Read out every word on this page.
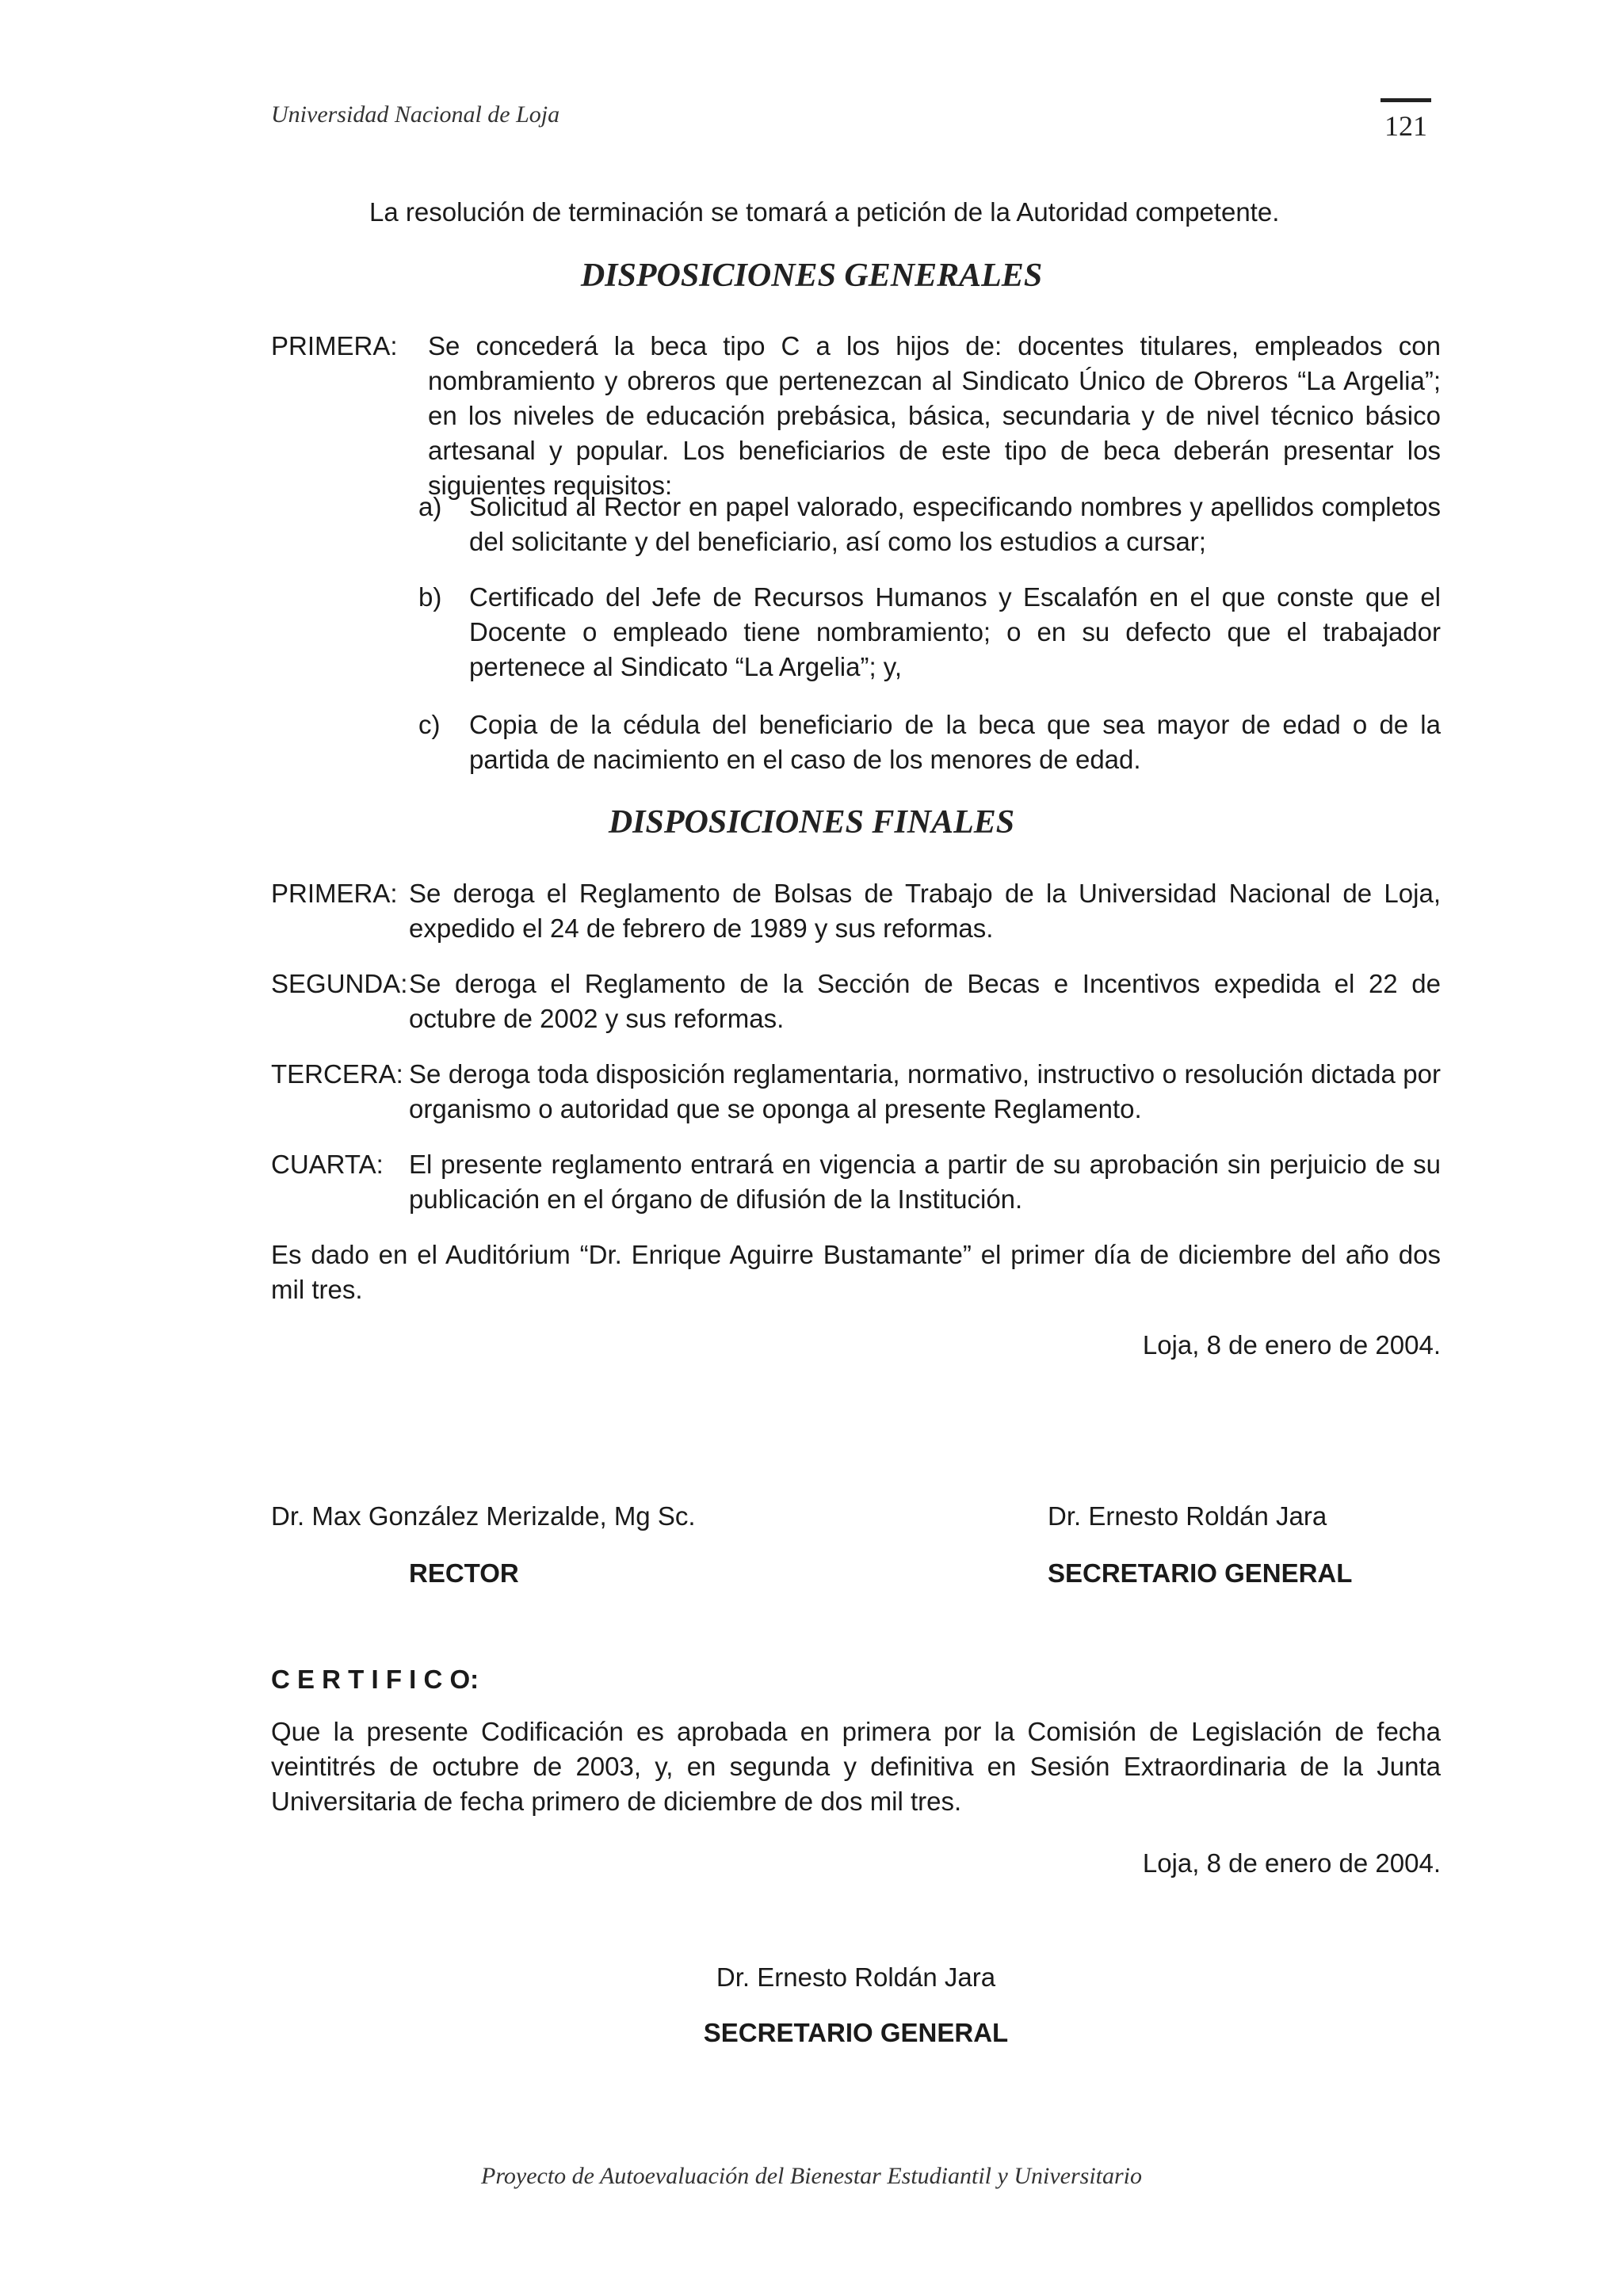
Universidad Nacional de Loja	121
La resolución de terminación se tomará a petición de la Autoridad competente.
DISPOSICIONES GENERALES
PRIMERA: Se concederá la beca tipo C a los hijos de: docentes titulares, empleados con nombramiento y obreros que pertenezcan al Sindicato Único de Obreros “La Argelia”; en los niveles de educación prebásica, básica, secundaria y de nivel técnico básico artesanal y popular. Los beneficiarios de este tipo de beca deberán presentar los siguientes requisitos:
a) Solicitud al Rector en papel valorado, especificando nombres y apellidos completos del solicitante y del beneficiario, así como los estudios a cursar;
b) Certificado del Jefe de Recursos Humanos y Escalafón en el que conste que el Docente o empleado tiene nombramiento; o en su defecto que el trabajador pertenece al Sindicato “La Argelia”; y,
c) Copia de la cédula del beneficiario de la beca que sea mayor de edad o de la partida de nacimiento en el caso de los menores de edad.
DISPOSICIONES FINALES
PRIMERA: Se deroga el Reglamento de Bolsas de Trabajo de la Universidad Nacional de Loja, expedido el 24 de febrero de 1989 y sus reformas.
SEGUNDA: Se deroga el Reglamento de la Sección de Becas e Incentivos expedida el 22 de octubre de 2002 y sus reformas.
TERCERA: Se deroga toda disposición reglamentaria, normativo, instructivo o resolución dictada por organismo o autoridad que se oponga al presente Reglamento.
CUARTA: El presente reglamento entrará en vigencia a partir de su aprobación sin perjuicio de su publicación en el órgano de difusión de la Institución.
Es dado en el Auditórium “Dr. Enrique Aguirre Bustamante” el primer día de diciembre del año dos mil tres.
Loja, 8 de enero de 2004.
Dr. Max González Merizalde, Mg Sc.
RECTOR
Dr. Ernesto Roldán Jara
SECRETARIO GENERAL
C E R T I F I C O:
Que la presente Codificación es aprobada en primera por la Comisión de Legislación de fecha veintitrés de octubre de 2003, y, en segunda y definitiva en Sesión Extraordinaria de la Junta Universitaria de fecha primero de diciembre de dos mil tres.
Loja, 8 de enero de 2004.
Dr. Ernesto Roldán Jara
SECRETARIO GENERAL
Proyecto de Autoevaluación del Bienestar Estudiantil y Universitario
